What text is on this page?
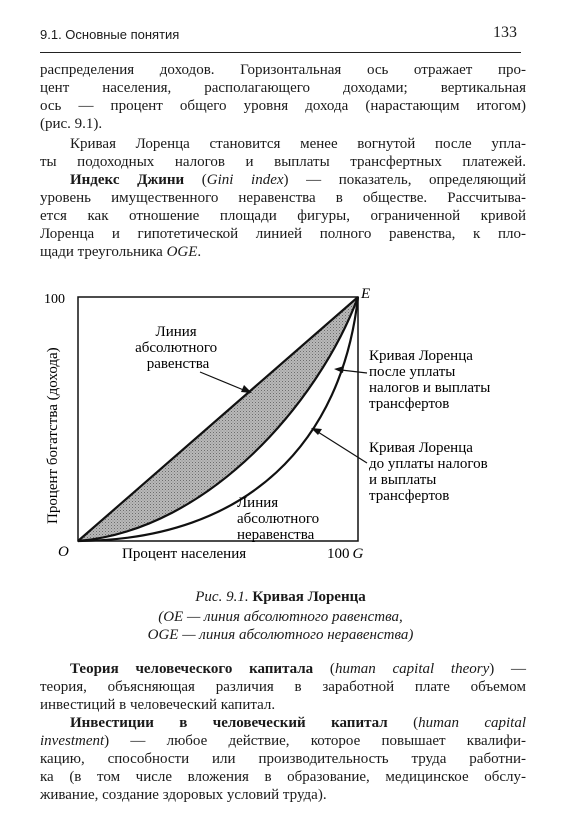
9.1. Основные понятия	133
распределения доходов. Горизонтальная ось отражает про-
цент населения, располагающего доходами; вертикальная
ось — процент общего уровня дохода (нарастающим итогом)
(рис. 9.1).
Кривая Лоренца становится менее вогнутой после упла-
ты подоходных налогов и выплаты трансфертных платежей.
Индекс Джини (Gini index) — показатель, определяющий
уровень имущественного неравенства в обществе. Рассчитыва-
ется как отношение площади фигуры, ограниченной кривой
Лоренца и гипотетической линией полного равенства, к пло-
щади треугольника OGE.
100
O
E
Процент населения	100 G
Процент богатства (дохода)
Линия абсолютного равенства
Линия абсолютного неравенства
Кривая Лоренца после уплаты налогов и выплаты трансфертов
Кривая Лоренца до уплаты налогов и выплаты трансфертов
Рис. 9.1. Кривая Лоренца
(OE — линия абсолютного равенства,
OGE — линия абсолютного неравенства)
Теория человеческого капитала (human capital theory) —
теория, объясняющая различия в заработной плате объемом
инвестиций в человеческий капитал.
Инвестиции в человеческий капитал (human capital
investment) — любое действие, которое повышает квалифи-
кацию, способности или производительность труда работни-
ка (в том числе вложения в образование, медицинское обслу-
живание, создание здоровых условий труда).
